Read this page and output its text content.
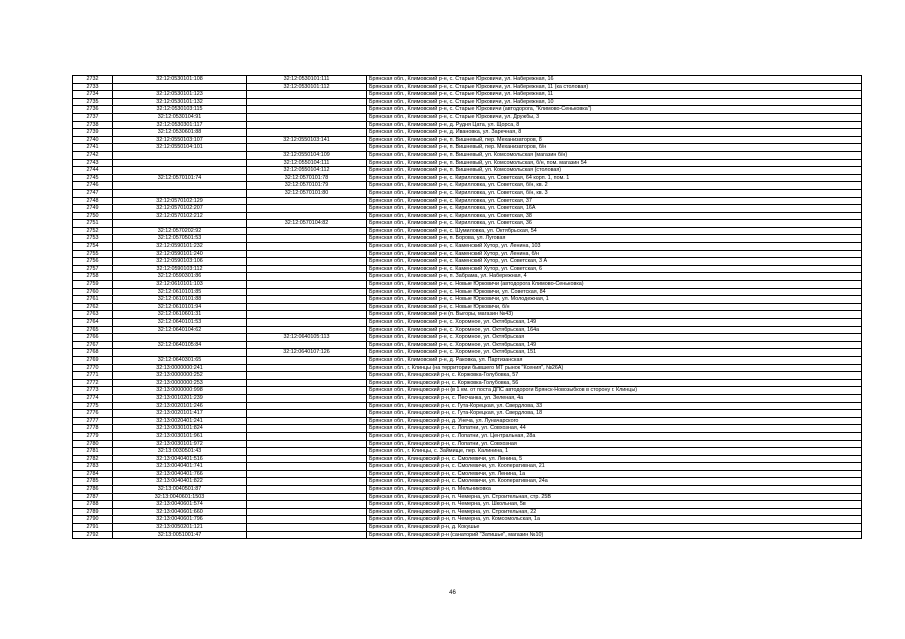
2732	32:12:0530101:108	32:12:0530101:111	Брянская обл., Климовский р-н, с. Старые Юрковичи, ул. Набережная, 16
2733		32:12:0530101:112	Брянская обл., Климовский р-н, с. Старые Юрковичи, ул. Набережная, 11 (ка столовая)
2734	32:12:0530101:123		Брянская обл., Климовский р-н, с. Старые Юрковичи, ул. Набережная, 11
2735	32:12:0530101:132		Брянская обл., Климовский р-н, с. Старые Юрковичи, ул. Набережная, 10
2736	32:12:0530103:115		Брянская обл., Климовский р-н, с. Старые Юрковичи (автодорога, "Климово-Сеньковка")
2737	32:12:0530104:91		Брянская обл., Климовский р-н, с. Старые Юрковичи, ул. Дружбы, 3
2738	32:12:0530301:117		Брянская обл., Климовский р-н, д. Рудня Цата, ул. Щорса, 8
2739	32:12:0530601:88		Брянская обл., Климовский р-н, д. Ивановка, ул. Заречная, 8
2740	32:12:0550103:107	32:12:0550103:141	Брянская обл., Климовский р-н, п. Вишневый, пер. Механизаторов, 8
2741	32:12:0550104:101		Брянская обл., Климовский р-н, п. Вишневый, пер. Механизаторов, б/н
2742		32:12:0550104:109	Брянская обл., Климовский р-н, п. Вишневый, ул. Комсомольская (магазин б/н)
2743		32:12:0550104:111	Брянская обл., Климовский р-н, п. Вишневый, ул. Комсомольская, б/н, пом. магазин 54
2744		32:12:0550104:112	Брянская обл., Климовский р-н, п. Вишневый, ул. Комсомольская (столовая)
2745	32:12:0570101:74	32:12:0570101:78	Брянская обл., Климовский р-н, с. Кирилловка, ул. Советская, 64 корп. 1, пом. 1
2746		32:12:0570101:79	Брянская обл., Климовский р-н, с. Кирилловка, ул. Советская, б/н, кв. 2
2747		32:12:0570101:80	Брянская обл., Климовский р-н, с. Кирилловка, ул. Советская, б/н, кв. 3
2748	32:12:0570102:129		Брянская обл., Климовский р-н, с. Кирилловка, ул. Советская, 37
2749	32:12:0570102:207		Брянская обл., Климовский р-н, с. Кирилловка, ул. Советская, 16А
2750	32:12:0570102:212		Брянская обл., Климовский р-н, с. Кирилловка, ул. Советская, 38
2751		32:12:0570104:82	Брянская обл., Климовский р-н, с. Кирилловка, ул. Советская, 36
2752	32:12:0570202:92		Брянская обл., Климовский р-н, с. Шумиловка, ул. Октябрьская, 54
2753	32:12:0570501:53		Брянская обл., Климовский р-н, п. Борова, ул. Луговая
2754	32:12:0590101:232		Брянская обл., Климовский р-н, с. Каменский Хутор, ул. Ленина, 103
2755	32:12:0590101:240		Брянская обл., Климовский р-н, с. Каменский Хутор, ул. Ленина, б/н
2756	32:12:0590103:106		Брянская обл., Климовский р-н, с. Каменский Хутор, ул. Советская, 3 А
2757	32:12:0590103:112		Брянская обл., Климовский р-н, с. Каменский Хутор, ул. Советская, 6
2758	32:12:0590301:86		Брянская обл., Климовский р-н, п. Забрама, ул. Набережная, 4
2759	32:12:0610101:103		Брянская обл., Климовский р-н, с. Новые Юрковичи (автодорога Климово-Сеньковка)
2760	32:12:0610101:85		Брянская обл., Климовский р-н, с. Новые Юрковичи, ул. Советская, 84
2761	32:12:0610101:88		Брянская обл., Климовский р-н, с. Новые Юрковичи, ул. Молодежная, 1
2762	32:12:0610101:94		Брянская обл., Климовский р-н, с. Новые Юрковичи, б/н
2763	32:12:0610601:31		Брянская обл., Климовский р-н (п. Выгоры, магазин №43)
2764	32:12:0640101:53		Брянская обл., Климовский р-н, с. Хоромное, ул. Октябрьская, 149
2765	32:12:0640104:62		Брянская обл., Климовский р-н, с. Хоромное, ул. Октябрьская, 164а
2766		32:12:0640105:113	Брянская обл., Климовский р-н, с. Хоромное, ул. Октябрьская
2767	32:12:0640105:84		Брянская обл., Климовский р-н, с. Хоромное, ул. Октябрьская, 149
2768		32:12:0640107:126	Брянская обл., Климовский р-н, с. Хоромное, ул. Октябрьская, 151
2769	32:12:0640301:65		Брянская обл., Климовский р-н, д. Раковка, ул. Партизанская
2770	32:13:0000000:241		Брянская обл., г. Клинцы (на территории бывшего МТ рынок "Ксения", №26А)
2771	32:13:0000000:252		Брянская обл., Клинцовский р-н, с. Коржовка-Голубовка, 57
2772	32:13:0000000:253		Брянская обл., Клинцовский р-н, с. Коржовка-Голубовка, 56
2773	32:13:0000000:998		Брянская обл., Клинцовский р-н (в 1 км. от поста ДПС автодороги Брянск-Новозыбков в сторону г. Клинцы)
2774	32:13:0010201:239		Брянская обл., Клинцовский р-н, с. Песчанка, ул. Зеленая, 4а
2775	32:13:0020101:246		Брянская обл., Клинцовский р-н, с. Гута-Корецкая, ул. Свердлова, 33
2776	32:13:0020101:417		Брянская обл., Клинцовский р-н, с. Гута-Корецкая, ул. Свердлова, 18
2777	32:13:0020401:241		Брянская обл., Клинцовский р-н, д. Унеча, ул. Луначарского
2778	32:13:0030101:824		Брянская обл., Клинцовский р-н, с. Лопатни, ул. Совхозная, 44
2779	32:13:0030101:961		Брянская обл., Клинцовский р-н, с. Лопатни, ул. Центральная, 28а
2780	32:13:0030101:972		Брянская обл., Клинцовский р-н, с. Лопатни, ул. Совхозная
2781	32:13:0030501:43		Брянская обл., г. Клинцы, с. Займище, пер. Калинина, 1
2782	32:13:0040401:516		Брянская обл., Клинцовский р-н, с. Смолевичи, ул. Ленина, 5
2783	32:13:0040401:741		Брянская обл., Клинцовский р-н, с. Смолевичи, ул. Кооперативная, 21
2784	32:13:0040401:766		Брянская обл., Клинцовский р-н, с. Смолевичи, ул. Ленина, 1а
2785	32:13:0040401:822		Брянская обл., Клинцовский р-н, с. Смолевичи, ул. Кооперативная, 24а
2786	32:13:0040501:87		Брянская обл., Клинцовский р-н, п. Мельниковка
2787	32:13:0040601:1503		Брянская обл., Клинцовский р-н, п. Чемерна, ул. Строительная, стр. 25В
2788	32:13:0040601:574		Брянская обл., Клинцовский р-н, п. Чемерна, ул. Школьная, 5в
2789	32:13:0040601:660		Брянская обл., Клинцовский р-н, п. Чемерна, ул. Строительная, 22
2790	32:13:0040601:796		Брянская обл., Клинцовский р-н, п. Чемерна, ул. Комсомольская, 1а
2791	32:13:0050201:121		Брянская обл., Клинцовский р-н, д. Кокушье
2792	32:13:0051001:47		Брянская обл., Клинцовский р-н (санаторий "Затишье", магазин №10)
46
